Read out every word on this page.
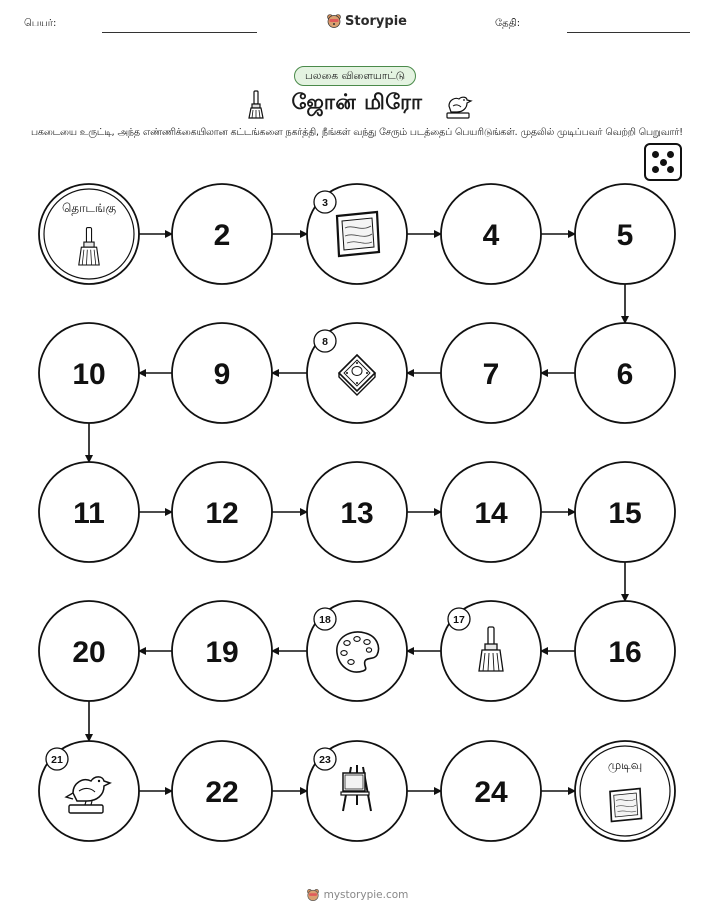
பெயர்:	Storypie	தேதி:
பலகை விளையாட்டு
ஜோன் மிரோ
பகடையை உருட்டி, அந்த எண்ணிக்கையிலான கட்டங்களை நகர்த்தி, நீங்கள் வந்து சேரும் படத்தைப் பெயரிடுங்கள். முதலில் முடிப்பவர் வெற்றி பெறுவார்!
தொடங்கு
2
3
4	5
6
7
8
9
10
11	12	13	14	15
16
17
18
19
20
21
22
23
24
முடிவு
mystorypie.com
